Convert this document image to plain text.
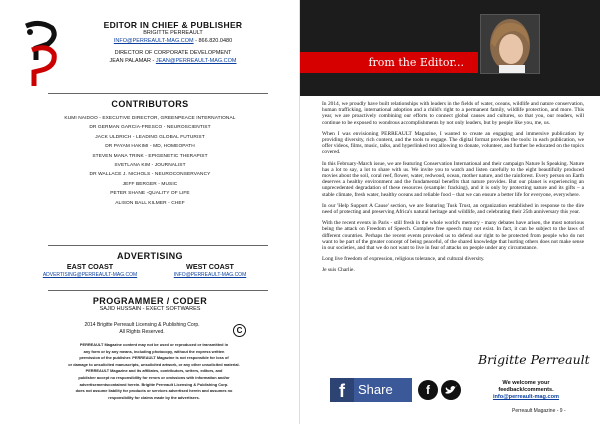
EDITOR IN CHIEF & PUBLISHER

BRIGITTE PERREAULT

INFO@PERREAULT-MAG.COM - 866.820.0480

DIRECTOR OF CORPORATE DEVELOPMENT

JEAN PALAMAR - JEAN@PERREAULT-MAG.COM

CONTRIBUTORS

KUMI NAIDOO - EXECUTIVE DIRECTOR, GREENPEACE INTERNATIONAL
DR GERMAN GARCIA-FRESCO - NEUROSCIENTIST
JACK ULDRICH - LEADING GLOBAL FUTURIST
DR PAYAM HAKIMI - MD, HOMEOPATH
STEVEN MANA TRINK - EPIGENETIC THERAPIST
SVETLANA KIM - JOURNALIST
DR WALLACE J. NICHOLS - NEUROCONSERVANCY
JEFF BERGER - MUSIC
PETER SHANE -QUALITY OF LIFE
ALISON BALL KILMER - CHEF

ADVERTISING

EAST COAST
ADVERTISING@PERREAULT-MAG.COM
WEST COAST
INFO@PERREAULT-MAG.COM

PROGRAMMER / CODER

SAJID HUSSAIN - EXECT SOFTWARES

2014 Brigitte Perreault Licensing & Publishing Corp.
All Rights Reserved.	C
PERREAULT Magazine content may not be used or reproduced or transmitted in
any form or by any means, including photocopy, without the express written
permission of the publisher. PERREAULT Magazine is not responsible for loss of
or damage to unsolicited manuscripts, unsolicited artwork, or any other unsolicited material.
PERREAULT Magazine and its affiliates, contributors, writers, editors, and
publisher accept no responsibility for errors or omissions with information and/or
advertisementscontained herein. Brigitte Perreault Licensing & Publishing Corp.
does not assume liability for products or services advertised herein and assumes no
responsibility for claims made by the advertisers.
from the Editor...

In 2014, we proudly have built relationships with leaders in the fields of water, oceans, wildlife and nature conservation, human trafficking, international adoption and a child's right to a permanent family, wildlife protection, and more. This year, we are proactively combining our efforts to connect global causes and cultures, so that you, our readers, will continue to be exposed to wondrous accomplishments by not only leaders, but by people like you, me, us.

When I was envisioning PERREAULT Magazine, I wanted to create an engaging and immersive publication by providing diversity, rich content, and the tools to engage. The digital format provides the tools: in each publication, we offer videos, films, music, talks, and hyperlinked text allowing to donate, volunteer, and further be educated on the topics covered.

In this February-March issue, we are featuring Conservation International and their campaign Nature Is Speaking. Nature has a lot to say, a lot to share with us. We invite you to watch and listen carefully to the eight beautifully produced movies about the soil, coral reef, flower, water, redwood, ocean, mother nature, and the rainforest. Every person on Earth deserves a healthy environment and the fundamental benefits that nature provides. But our planet is experiencing an unprecedented degradation of these resources (example: fracking), and it is only by protecting nature and its gifts – a stable climate, fresh water, healthy oceans and reliable food – that we can ensure a better life for everyone, everywhere.

In our 'Help Support A Cause' section, we are featuring Tusk Trust, an organization established in response to the dire need of protecting and preserving Africa's natural heritage and wildlife, and celebrating their 25th anniversary this year.

With the recent events in Paris - still fresh in the whole world's memory - many debates have arisen, the most notorious being the attack on Freedom of Speech. Complete free speech may not exist. In fact, it can be subject to the laws of different countries. Perhaps the recent events provoked us to defend our right to be protected from people who do not want to be part of the greater concept of being peaceful, of the shared knowledge that hurting others does not make sense in our societies, and that we do not want to live in fear of attacks on people under any circumstance.

Long live freedom of expression, religious tolerance, and cultural diversity.

Je suis Charlie.

Brigitte Perreault
f	Share	f	We welcome your
feedback/comments.
info@perreault-mag.com
Perreault Magazine - 9 -
